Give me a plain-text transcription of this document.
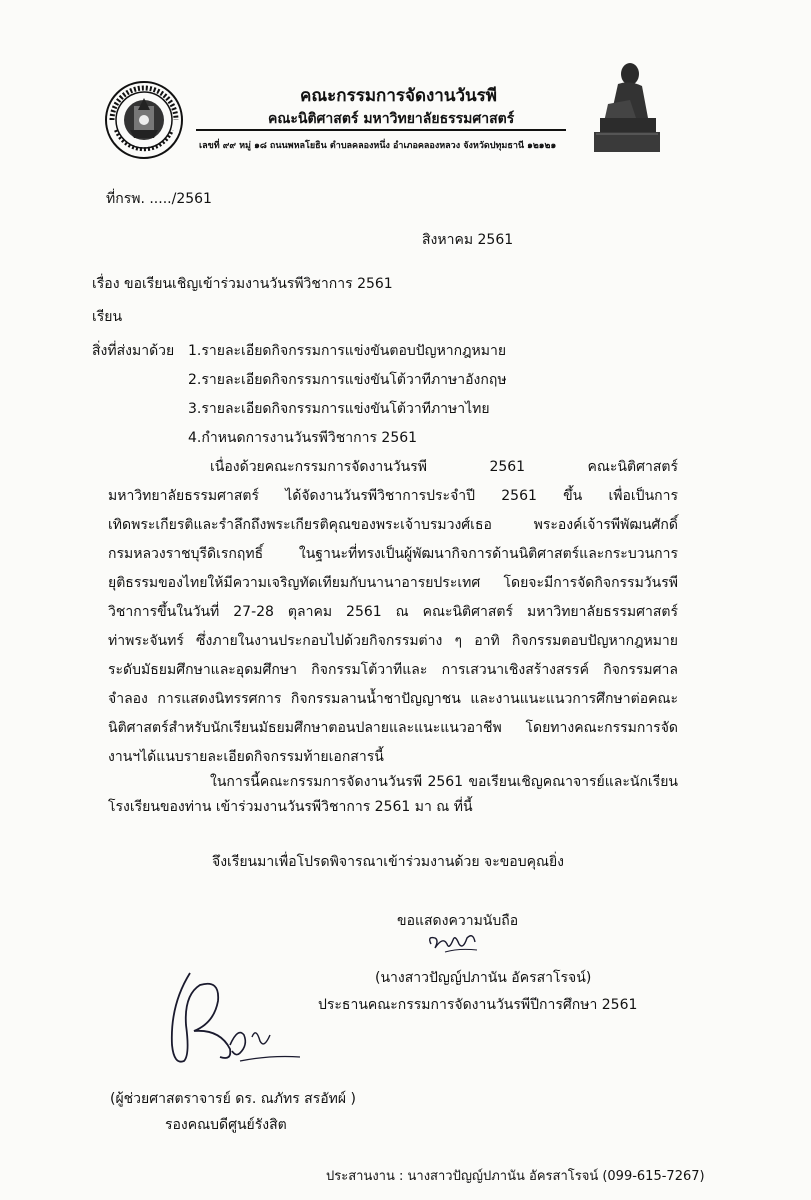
คณะกรรมการจัดงานวันรพี
คณะนิติศาสตร์ มหาวิทยาลัยธรรมศาสตร์
เลขที่ ๙๙ หมู่ ๑๘ ถนนพหลโยธิน ตำบลคลองหนึ่ง อำเภอคลองหลวง จังหวัดปทุมธานี ๑๒๑๒๑
ที่กรพ. ...../2561
สิงหาคม 2561
เรื่อง ขอเรียนเชิญเข้าร่วมงานวันรพีวิชาการ 2561
เรียน
สิ่งที่ส่งมาด้วย 1.รายละเอียดกิจกรรมการแข่งขันตอบปัญหากฎหมาย
2.รายละเอียดกิจกรรมการแข่งขันโต้วาทีภาษาอังกฤษ
3.รายละเอียดกิจกรรมการแข่งขันโต้วาทีภาษาไทย
4.กำหนดการงานวันรพีวิชาการ 2561
เนื่องด้วยคณะกรรมการจัดงานวันรพี 2561 คณะนิติศาสตร์
มหาวิทยาลัยธรรมศาสตร์ ได้จัดงานวันรพีวิชาการประจำปี 2561 ขึ้น เพื่อเป็นการ
เทิดพระเกียรติและรำลึกถึงพระเกียรติคุณของพระเจ้าบรมวงศ์เธอ พระองค์เจ้ารพีพัฒนศักดิ์
กรมหลวงราชบุรีดิเรกฤทธิ์ ในฐานะที่ทรงเป็นผู้พัฒนากิจการด้านนิติศาสตร์และกระบวนการ
ยุติธรรมของไทยให้มีความเจริญทัดเทียมกับนานาอารยประเทศ โดยจะมีการจัดกิจกรรมวันรพี
วิชาการขึ้นในวันที่ 27-28 ตุลาคม 2561 ณ คณะนิติศาสตร์ มหาวิทยาลัยธรรมศาสตร์
ท่าพระจันทร์ ซึ่งภายในงานประกอบไปด้วยกิจกรรมต่าง ๆ อาทิ กิจกรรมตอบปัญหากฎหมาย
ระดับมัธยมศึกษาและอุดมศึกษา กิจกรรมโต้วาทีและ การเสวนาเชิงสร้างสรรค์ กิจกรรมศาล
จำลอง การแสดงนิทรรศการ กิจกรรมลานน้ำชาปัญญาชน และงานแนะแนวการศึกษาต่อคณะ
นิติศาสตร์สำหรับนักเรียนมัธยมศึกษาตอนปลายและแนะแนวอาชีพ โดยทางคณะกรรมการจัด
งานฯได้แนบรายละเอียดกิจกรรมท้ายเอกสารนี้
ในการนี้คณะกรรมการจัดงานวันรพี 2561 ขอเรียนเชิญคณาจารย์และนักเรียน
โรงเรียนของท่าน เข้าร่วมงานวันรพีวิชาการ 2561 มา ณ ที่นี้
จึงเรียนมาเพื่อโปรดพิจารณาเข้าร่วมงานด้วย จะขอบคุณยิ่ง
ขอแสดงความนับถือ
(นางสาวปัญญ์ปภานัน อัครสาโรจน์)
ประธานคณะกรรมการจัดงานวันรพีปีการศึกษา 2561
(ผู้ช่วยศาสตราจารย์ ดร. ณภัทร สรอัทผ์ )
รองคณบดีศูนย์รังสิต
ประสานงาน : นางสาวปัญญ์ปภานัน อัครสาโรจน์ (099-615-7267)
